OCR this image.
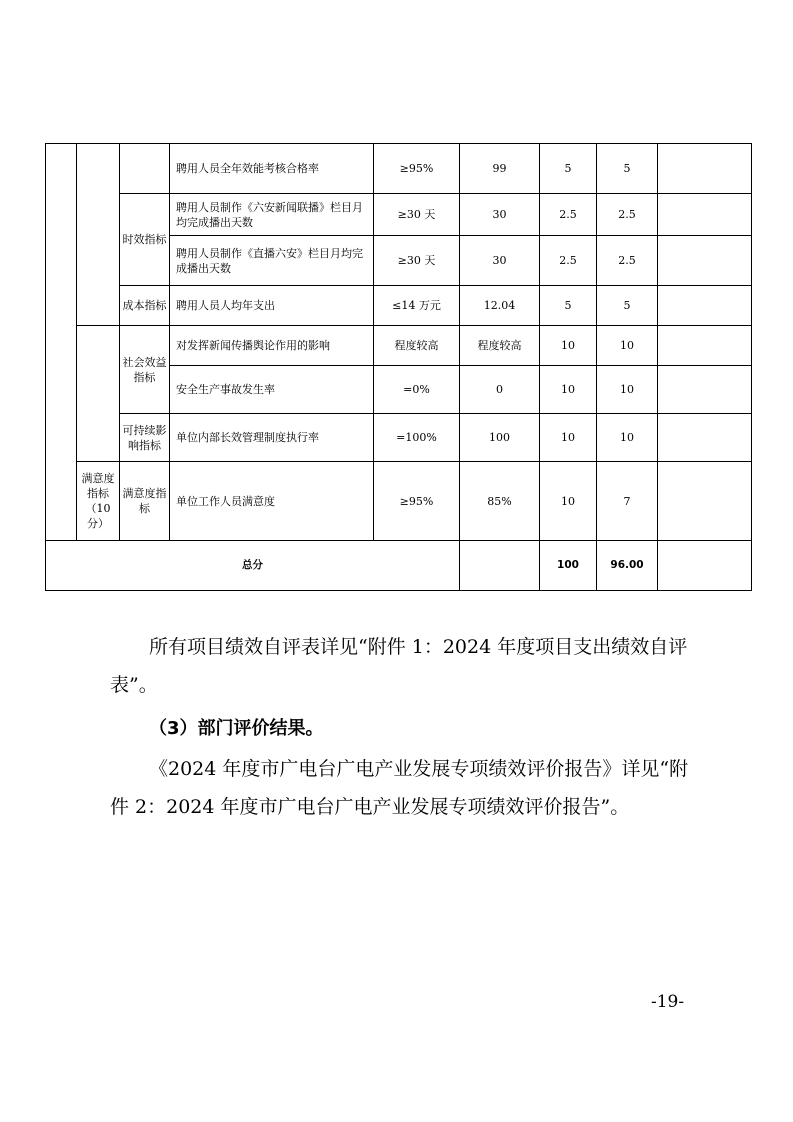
			聘用人员全年效能考核合格率	≥95%	99	5	5	
		时效指标	聘用人员制作《六安新闻联播》栏目月均完成播出天数	≥30 天	30	2.5	2.5	
			聘用人员制作《直播六安》栏目月均完成播出天数	≥30 天	30	2.5	2.5	
		成本指标	聘用人员人均年支出	≤14 万元	12.04	5	5	
		社会效益指标	对发挥新闻传播舆论作用的影响	程度较高	程度较高	10	10	
			安全生产事故发生率	=0%	0	10	10	
		可持续影响指标	单位内部长效管理制度执行率	=100%	100	10	10	
	满意度指标（10分）	满意度指标	单位工作人员满意度	≥95%	85%	10	7	
总分						100	96.00	

所有项目绩效自评表详见“附件 1：2024 年度项目支出绩效自评表”。

（3）部门评价结果。

《2024 年度市广电台广电产业发展专项绩效评价报告》详见“附件 2：2024 年度市广电台广电产业发展专项绩效评价报告”。

-19-
